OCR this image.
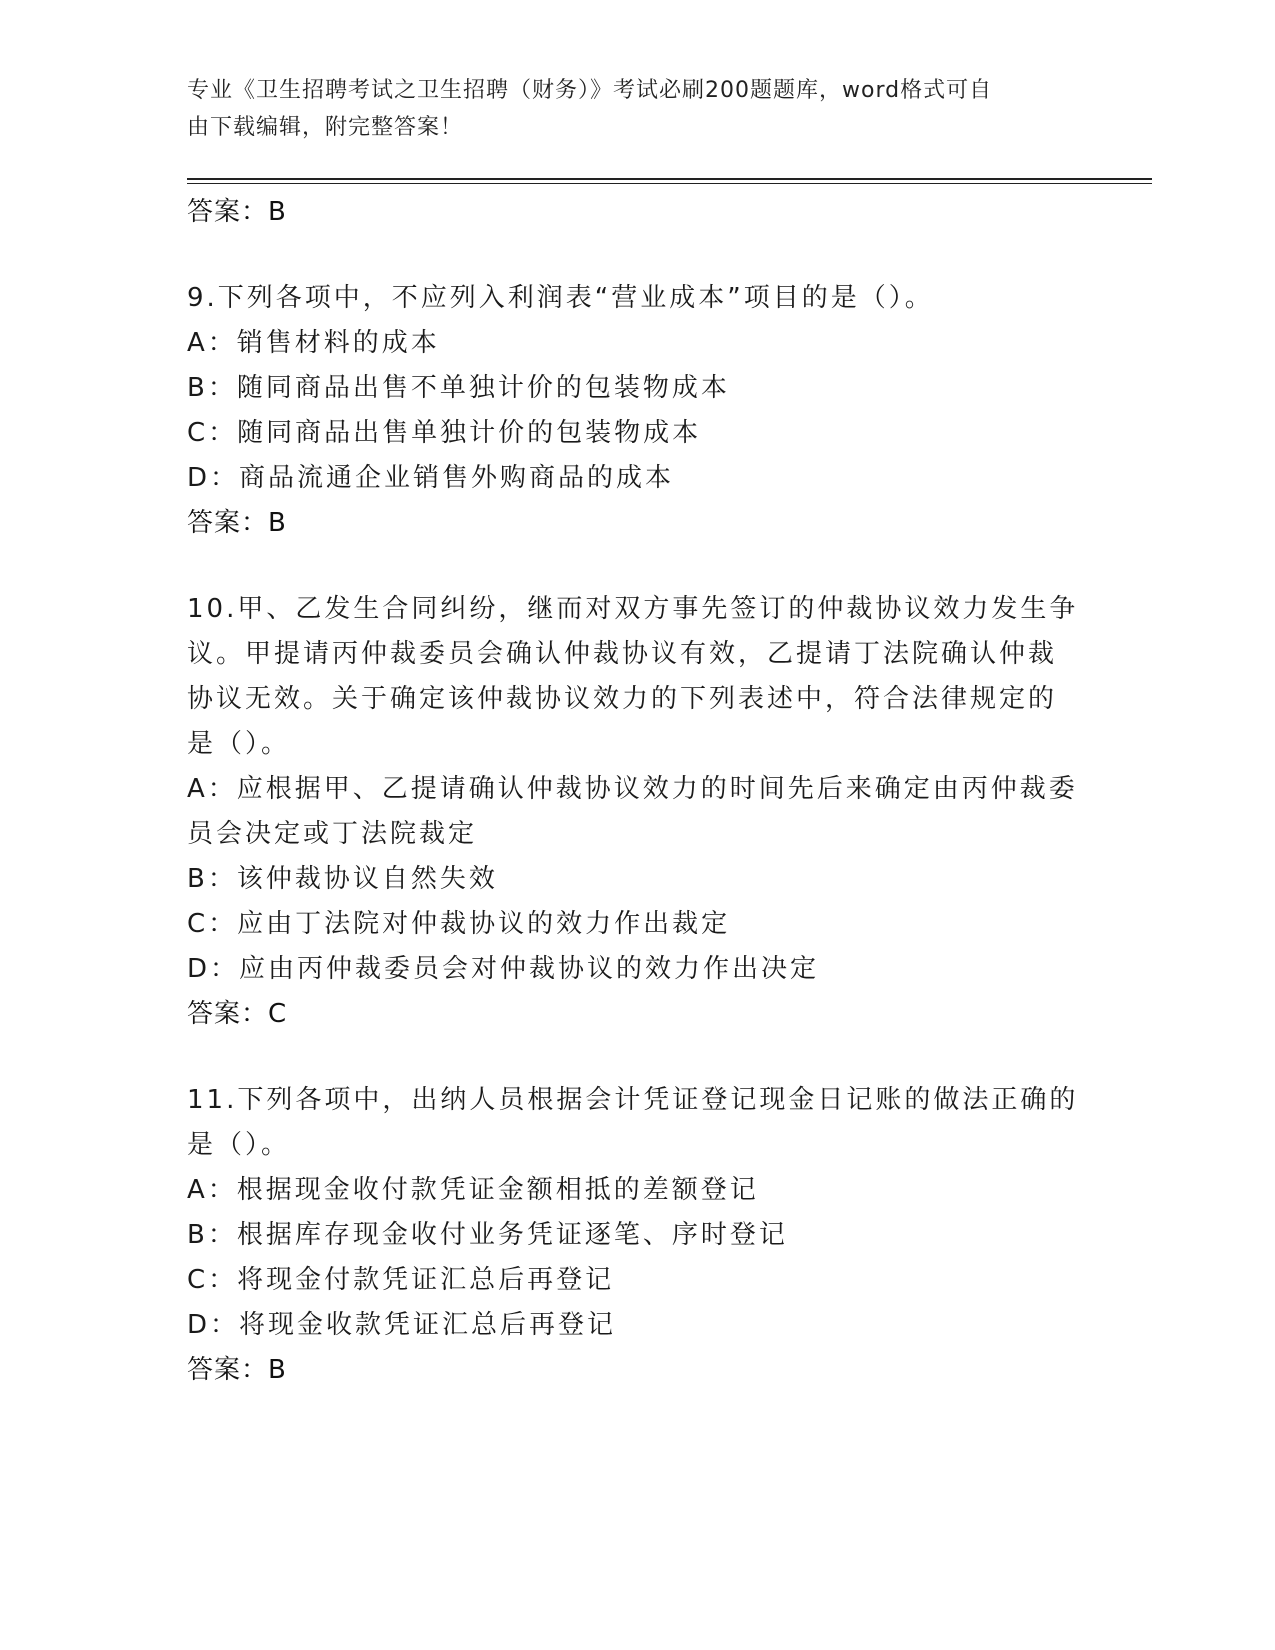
专业《卫生招聘考试之卫生招聘（财务）》考试必刷200题题库，word格式可自
由下载编辑，附完整答案！
答案：B
9.下列各项中，不应列入利润表“营业成本”项目的是（）。
A：销售材料的成本
B：随同商品出售不单独计价的包装物成本
C：随同商品出售单独计价的包装物成本
D：商品流通企业销售外购商品的成本
答案：B
10.甲、乙发生合同纠纷，继而对双方事先签订的仲裁协议效力发生争
议。甲提请丙仲裁委员会确认仲裁协议有效，乙提请丁法院确认仲裁
协议无效。关于确定该仲裁协议效力的下列表述中，符合法律规定的
是（）。
A：应根据甲、乙提请确认仲裁协议效力的时间先后来确定由丙仲裁委
员会决定或丁法院裁定
B：该仲裁协议自然失效
C：应由丁法院对仲裁协议的效力作出裁定
D：应由丙仲裁委员会对仲裁协议的效力作出决定
答案：C
11.下列各项中，出纳人员根据会计凭证登记现金日记账的做法正确的
是（）。
A：根据现金收付款凭证金额相抵的差额登记
B：根据库存现金收付业务凭证逐笔、序时登记
C：将现金付款凭证汇总后再登记
D：将现金收款凭证汇总后再登记
答案：B
